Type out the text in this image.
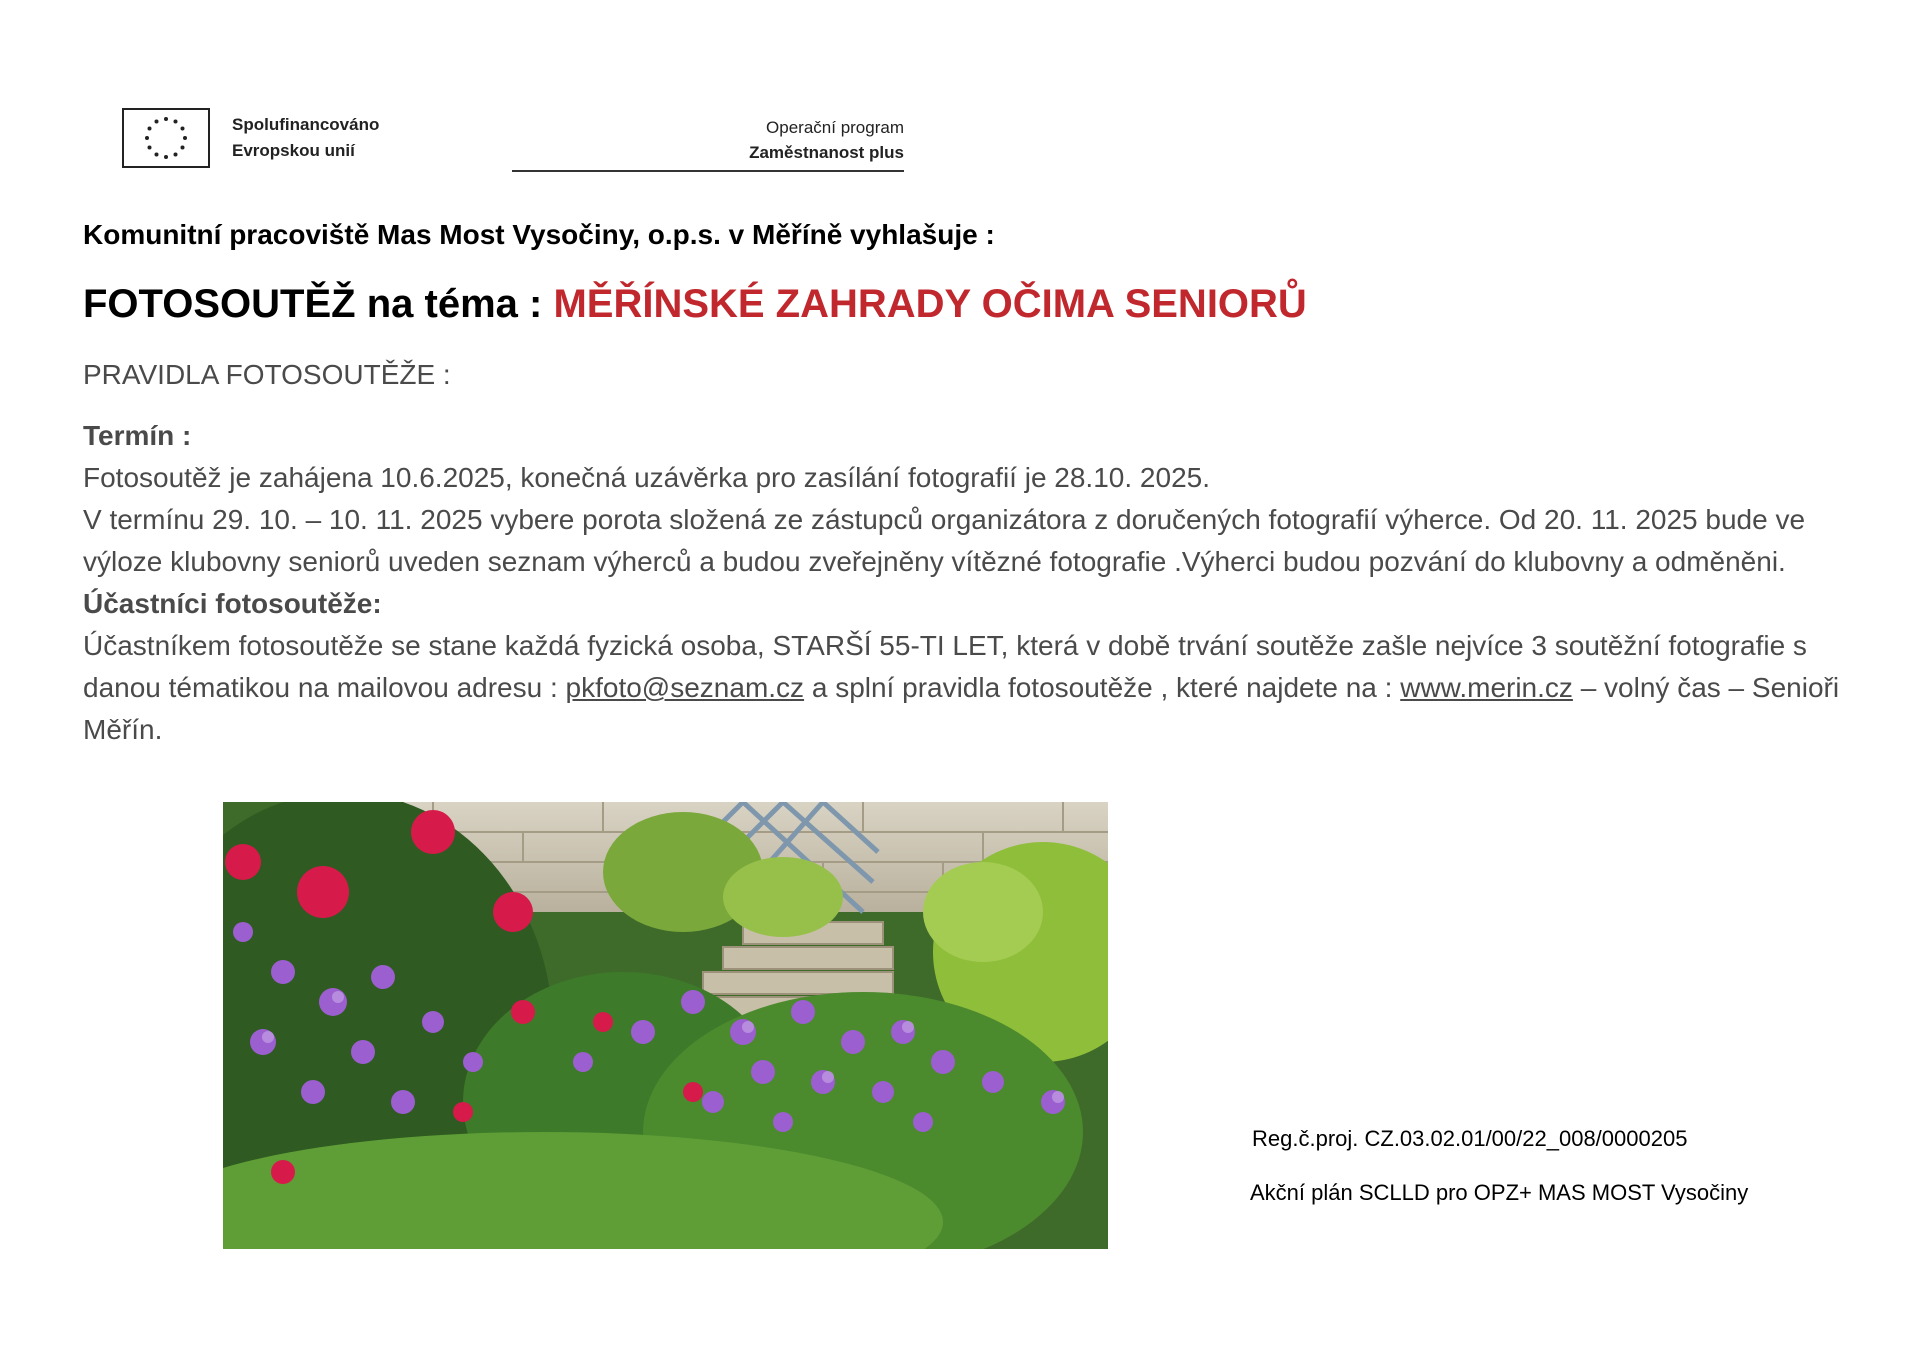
Spolufinancováno
Evropskou unií
Operační program
Zaměstnanost plus
Komunitní pracoviště Mas Most Vysočiny, o.p.s. v Měříně vyhlašuje :
FOTOSOUTĚŽ na téma : MĚŘÍNSKÉ ZAHRADY OČIMA SENIORŮ
PRAVIDLA FOTOSOUTĚŽE :

Termín :

Fotosoutěž je zahájena 10.6.2025, konečná uzávěrka pro zasílání fotografií je 28.10. 2025.

V termínu 29. 10. – 10. 11. 2025 vybere porota složená ze zástupců organizátora z doručených fotografií výherce. Od 20. 11. 2025 bude ve výloze klubovny seniorů uveden seznam výherců a budou zveřejněny vítězné fotografie .Výherci budou pozvání do klubovny a odměněni.

Účastníci fotosoutěže:

Účastníkem fotosoutěže se stane každá fyzická osoba, STARŠÍ 55-TI LET, která v době trvání soutěže zašle nejvíce 3 soutěžní fotografie s danou tématikou na mailovou adresu : pkfoto@seznam.cz a splní pravidla fotosoutěže , které najdete na : www.merin.cz – volný čas – Senioři Měřín.

Reg.č.proj. CZ.03.02.01/00/22_008/0000205
Akční plán SCLLD pro OPZ+ MAS MOST Vysočiny
